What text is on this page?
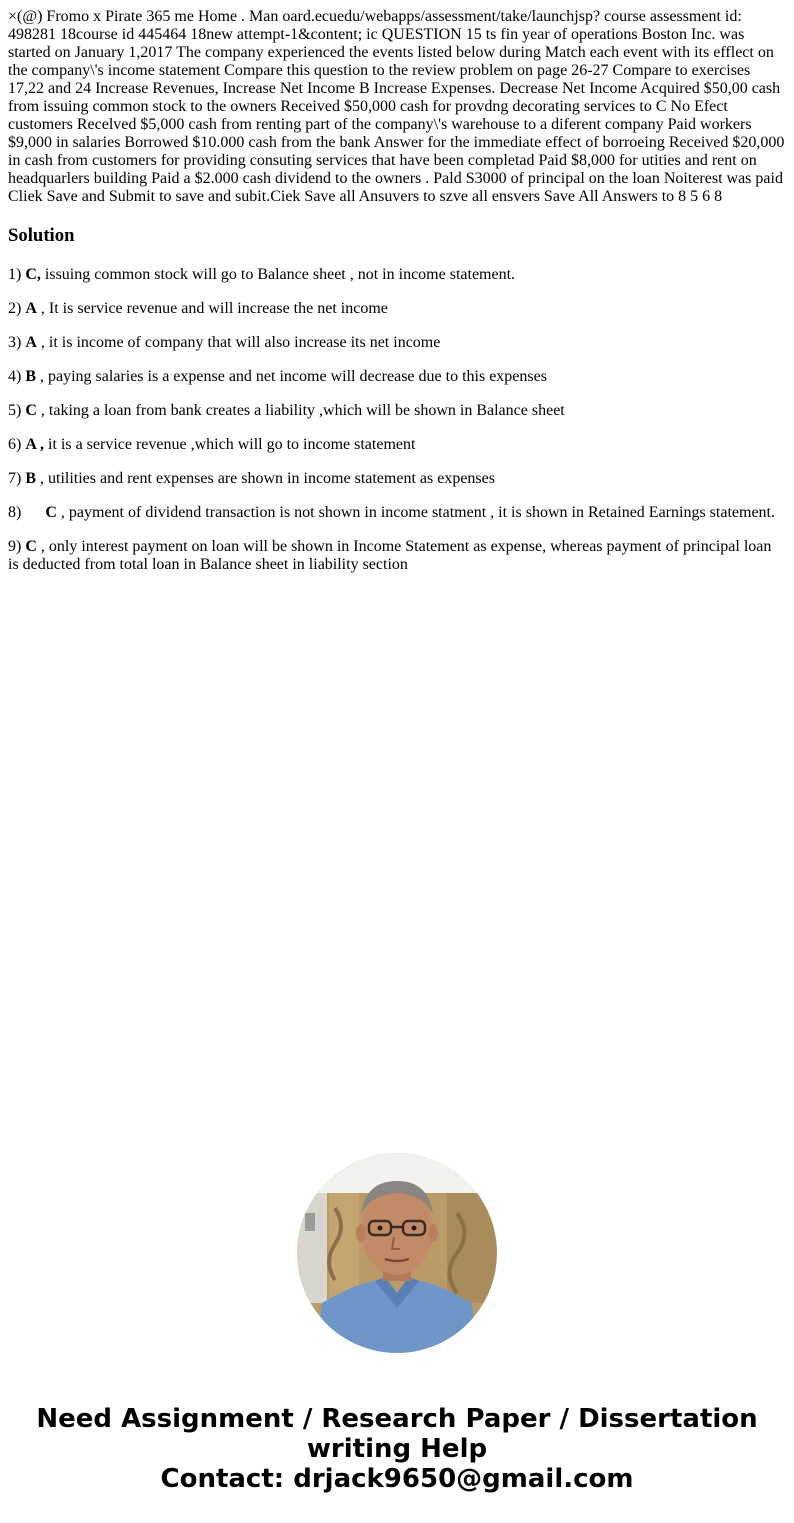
×(@) Fromo x Pirate 365 me Home . Man oard.ecuedu/webapps/assessment/take/launchjsp? course assessment id: 498281 18course id 445464 18new attempt-1&content; ic QUESTION 15 ts fin year of operations Boston Inc. was started on January 1,2017 The company experienced the events listed below during Match each event with its efflect on the company\'s income statement Compare this question to the review problem on page 26-27 Compare to exercises 17,22 and 24 Increase Revenues, Increase Net Income B Increase Expenses. Decrease Net Income Acquired $50,00 cash from issuing common stock to the owners Received $50,000 cash for provdng decorating services to C No Efect customers Recelved $5,000 cash from renting part of the company\'s warehouse to a diferent company Paid workers $9,000 in salaries Borrowed $10.000 cash from the bank Answer for the immediate effect of borroeing Received $20,000 in cash from customers for providing consuting services that have been completad Paid $8,000 for utities and rent on headquarlers building Paid a $2.000 cash dividend to the owners . Pald S3000 of principal on the loan Noiterest was paid Cliek Save and Submit to save and subit.Ciek Save all Ansuvers to szve all ensvers Save All Answers to 8 5 6 8

Solution

1) C, issuing common stock will go to Balance sheet , not in income statement.

2) A , It is service revenue and will increase the net income

3) A , it is income of company that will also increase its net income

4) B , paying salaries is a expense and net income will decrease due to this expenses

5) C , taking a loan from bank creates a liability ,which will be shown in Balance sheet

6) A , it is a service revenue ,which will go to income statement

7) B , utilities and rent expenses are shown in income statement as expenses

8) C , payment of dividend transaction is not shown in income statment , it is shown in Retained Earnings statement.

9) C , only interest payment on loan will be shown in Income Statement as expense, whereas payment of principal loan is deducted from total loan in Balance sheet in liability section

Need Assignment / Research Paper / Dissertation
writing Help
Contact: drjack9650@gmail.com
